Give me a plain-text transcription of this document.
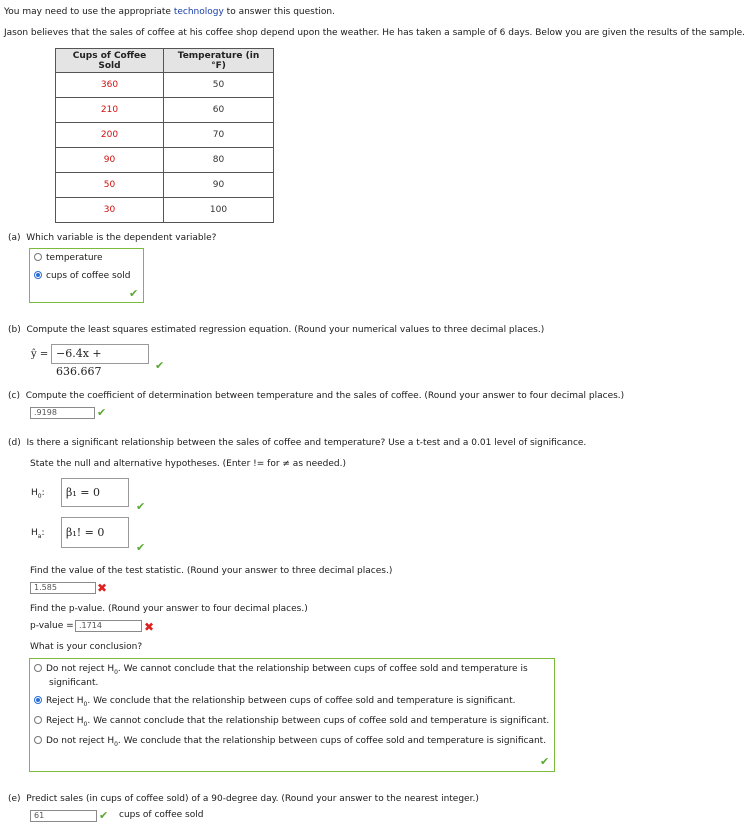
You may need to use the appropriate technology to answer this question.
Jason believes that the sales of coffee at his coffee shop depend upon the weather. He has taken a sample of 6 days. Below you are given the results of the sample.
Cups of Coffee Sold	Temperature (in °F)
360	50
210	60
200	70
90	80
50	90
30	100
(a) Which variable is the dependent variable?
temperature
cups of coffee sold
✔
(b) Compute the least squares estimated regression equation. (Round your numerical values to three decimal places.)
ŷ = −6.4x + 636.667	✔
(c) Compute the coefficient of determination between temperature and the sales of coffee. (Round your answer to four decimal places.)
.9198	✔
(d) Is there a significant relationship between the sales of coffee and temperature? Use a t-test and a 0.01 level of significance.
State the null and alternative hypotheses. (Enter != for ≠ as needed.)
$H_0$:	β₁ = 0
✔
$H_a$:	β₁! = 0
✔
Find the value of the test statistic. (Round your answer to three decimal places.)
1.585	✖
Find the p-value. (Round your answer to four decimal places.)
p-value = .1714	✖
What is your conclusion?
Do not reject $H_0$. We cannot conclude that the relationship between cups of coffee sold and temperature is
significant.
Reject $H_0$. We conclude that the relationship between cups of coffee sold and temperature is significant.
Reject $H_0$. We cannot conclude that the relationship between cups of coffee sold and temperature is significant.
Do not reject $H_0$. We conclude that the relationship between cups of coffee sold and temperature is significant.
✔
(e) Predict sales (in cups of coffee sold) of a 90-degree day. (Round your answer to the nearest integer.)
61	✔ cups of coffee sold
